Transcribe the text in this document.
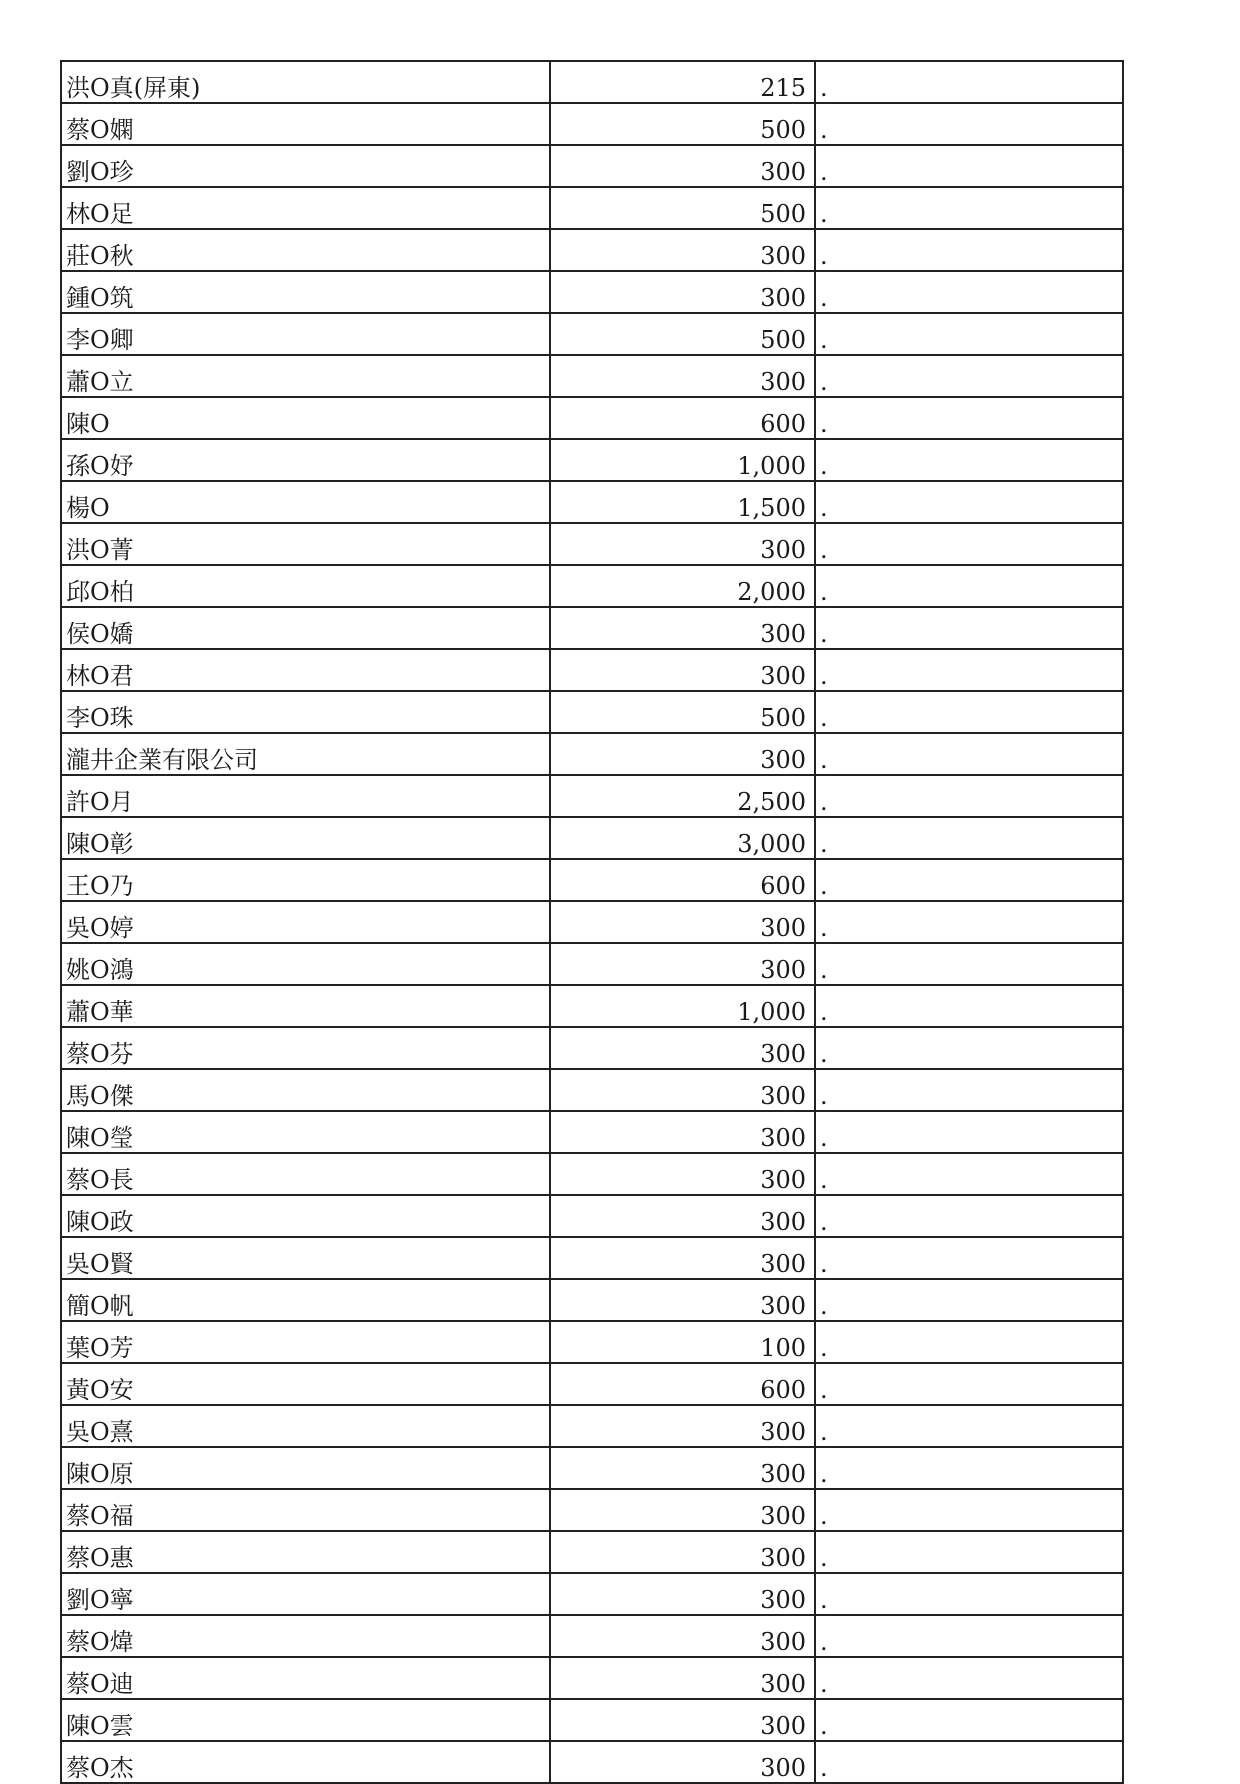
洪O真(屏東)	215	.
蔡O嫻	500	.
劉O珍	300	.
林O足	500	.
莊O秋	300	.
鍾O筑	300	.
李O卿	500	.
蕭O立	300	.
陳O	600	.
孫O妤	1,000	.
楊O	1,500	.
洪O菁	300	.
邱O柏	2,000	.
侯O嬌	300	.
林O君	300	.
李O珠	500	.
瀧井企業有限公司	300	.
許O月	2,500	.
陳O彰	3,000	.
王O乃	600	.
吳O婷	300	.
姚O鴻	300	.
蕭O華	1,000	.
蔡O芬	300	.
馬O傑	300	.
陳O瑩	300	.
蔡O長	300	.
陳O政	300	.
吳O賢	300	.
簡O帆	300	.
葉O芳	100	.
黃O安	600	.
吳O熹	300	.
陳O原	300	.
蔡O福	300	.
蔡O惠	300	.
劉O寧	300	.
蔡O煒	300	.
蔡O迪	300	.
陳O雲	300	.
蔡O杰	300	.
